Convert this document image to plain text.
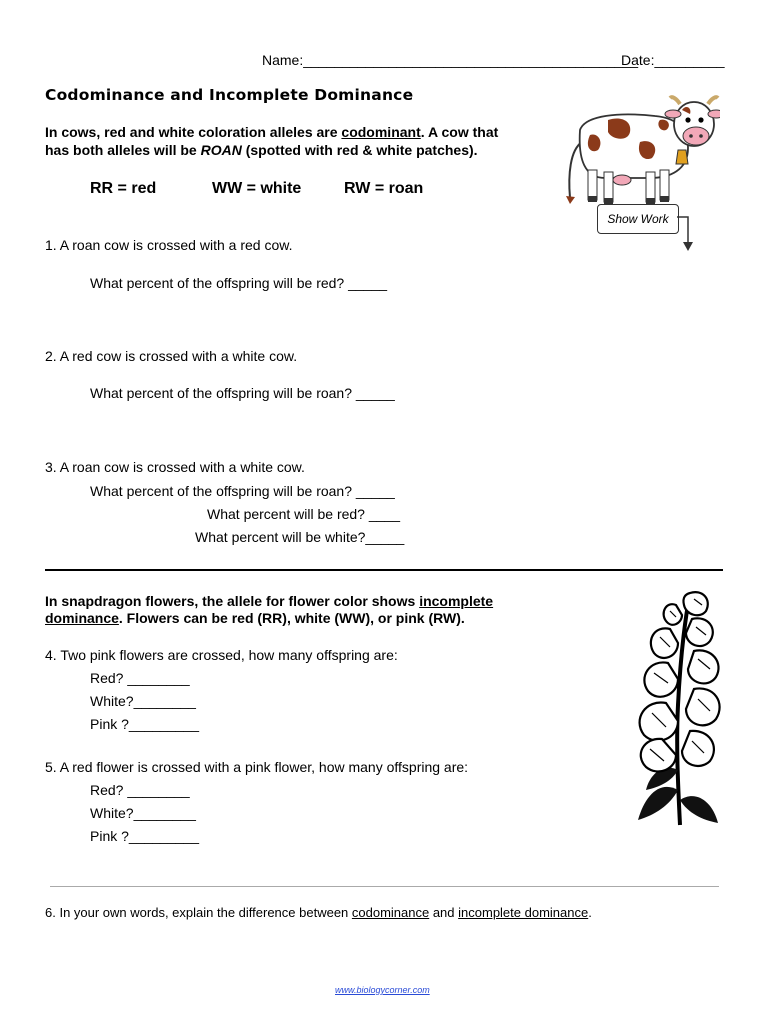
Name:___________________________________________
Date:_________
Codominance and Incomplete Dominance
In cows, red and white coloration alleles are codominant. A cow that
has both alleles will be ROAN (spotted with red & white patches).
RR = red	WW = white	RW = roan
Show Work
1. A roan cow is crossed with a red cow.
What percent of the offspring will be red? _____
2. A red cow is crossed with a white cow.
What percent of the offspring will be roan? _____
3. A roan cow is crossed with a white cow.
What percent of the offspring will be roan? _____
What percent will be red? ____
What percent will be white?_____
In snapdragon flowers, the allele for flower color shows incomplete
dominance. Flowers can be red (RR), white (WW), or pink (RW).
4. Two pink flowers are crossed, how many offspring are:
Red? ________
White?________
Pink ?_________
5. A red flower is crossed with a pink flower, how many offspring are:
Red? ________
White?________
Pink ?_________
6. In your own words, explain the difference between codominance and incomplete dominance.
www.biologycorner.com
